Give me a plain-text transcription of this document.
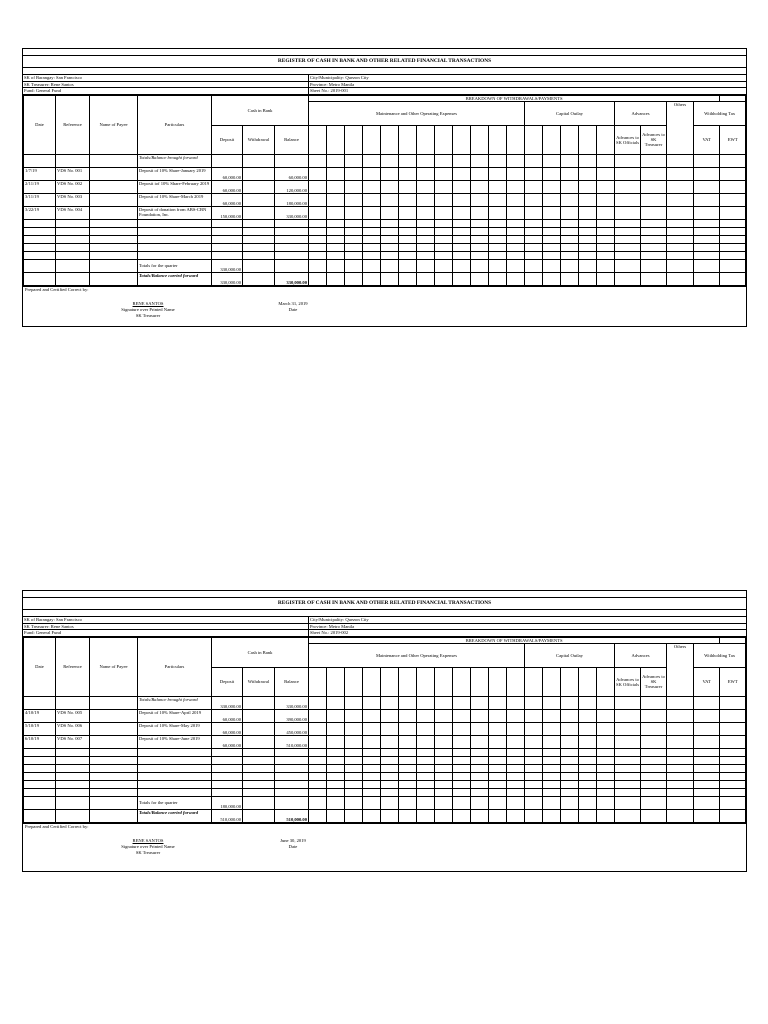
REGISTER OF CASH IN BANK AND OTHER RELATED FINANCIAL TRANSACTIONS
SK of Barangay: San Francisco
SK Treasurer: Rene Santos
Fund: General Fund
City/Municipality: Quezon City
Province: Metro Manila
Sheet No.: 2019-001
Date	Reference	Name of Payee	Particulars	Cash in Bank			BREAKDOWN OF WITHDRAWALS/PAYMENTS																					
							Maintenance and Other Operating Expenses												Capital Outlay					Advances		Others	Withholding Tax	
				Deposit	Withdrawal	Balance																		Advances to SK Officials	Advances to SK Treasurer		VAT	EWT
			Totals/Balance brought forward																									
1/7/19	VDS No. 001		Deposit of 10% Share-January 2019	60,000.00		60,000.00																						
2/11/19	VDS No. 002		Deposit iof 10% Share-February 2019	60,000.00		120,000.00																						
3/11/19	VDS No. 003		Deposit of 10% Share-March 2019	60,000.00		180,000.00																						
3/22/19	VDS No. 004		Deposit of donation from ABS-CBN Foundation, Inc.	150,000.00		330,000.00																						

			Totals for the quarter	330,000.00																								
			Totals/Balance carried forward	330,000.00		330,000.00																						
Prepared and Certified Correct by:
RENE SANTOS
Signature over Printed Name
SK Treasurer
March 31, 2019
Date
REGISTER OF CASH IN BANK AND OTHER RELATED FINANCIAL TRANSACTIONS
SK of Barangay: San Francisco
SK Treasurer: Rene Santos
Fund: General Fund
City/Municipality: Quezon City
Province: Metro Manila
Sheet No.: 2019-002
Date	Reference	Name of Payee	Particulars	Cash in Bank			BREAKDOWN OF WITHDRAWALS/PAYMENTS																					
							Maintenance and Other Operating Expenses												Capital Outlay					Advances		Others	Withholding Tax	
				Deposit	Withdrawal	Balance																		Advances to SK Officials	Advances to SK Treasurer		VAT	EWT
			Totals/Balance brought forward	330,000.00		330,000.00																						
4/10/19	VDS No. 005		Deposit of 10% Share-April 2019	60,000.00		390,000.00																						
5/10/19	VDS No. 006		Deposit of 10% Share-May 2019	60,000.00		450,000.00																						
6/10/19	VDS No. 007		Deposit of 10% Share-June 2019	60,000.00		510,000.00																						

			Totals for the quarter	180,000.00																								
			Totals/Balance carried forward	510,000.00		510,000.00																						
Prepared and Certified Correct by:
RENE SANTOS
Signature over Printed Name
SK Treasurer
June 30, 2019
Date
